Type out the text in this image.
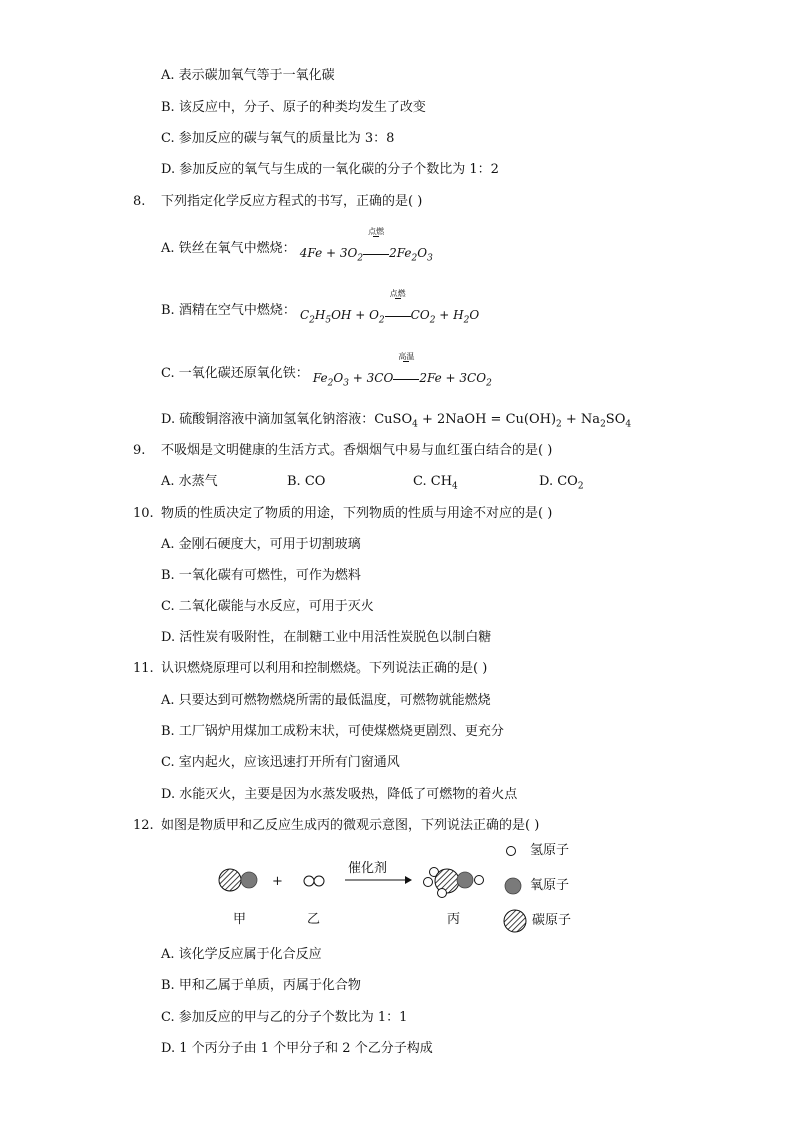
A. 表示碳加氧气等于一氧化碳
B. 该反应中，分子、原子的种类均发生了改变
C. 参加反应的碳与氧气的质量比为 3：8
D. 参加反应的氧气与生成的一氧化碳的分子个数比为 1：2
8. 下列指定化学反应方程式的书写，正确的是( )
A. 铁丝在氧气中燃烧： $4Fe + 3O_2$
点燃
$2Fe_2O_3$
B. 酒精在空气中燃烧： $C_2H_5OH + O_2$
点燃
$CO_2 + H_2O$
C. 一氧化碳还原氧化铁： $Fe_2O_3 + 3CO$
高温
$2Fe + 3CO_2$
D. 硫酸铜溶液中滴加氢氧化钠溶液：CuSO$_4$ + 2NaOH = $Cu(OH)_2 + Na_2SO_4$
9. 不吸烟是文明健康的生活方式。香烟烟气中易与血红蛋白结合的是( )
A. 水蒸气	B. CO	C. $CH_4$	D. $CO_2$
10. 物质的性质决定了物质的用途，下列物质的性质与用途不对应的是( )
A. 金刚石硬度大，可用于切割玻璃
B. 一氧化碳有可燃性，可作为燃料
C. 二氧化碳能与水反应，可用于灭火
D. 活性炭有吸附性，在制糖工业中用活性炭脱色以制白糖
11. 认识燃烧原理可以利用和控制燃烧。下列说法正确的是( )
A. 只要达到可燃物燃烧所需的最低温度，可燃物就能燃烧
B. 工厂锅炉用煤加工成粉末状，可使煤燃烧更剧烈、更充分
C. 室内起火，应该迅速打开所有门窗通风
D. 水能灭火，主要是因为水蒸发吸热，降低了可燃物的着火点
12. 如图是物质甲和乙反应生成丙的微观示意图，下列说法正确的是( )
+
催化剂
甲	乙	丙
氢原子
氧原子
碳原子
A. 该化学反应属于化合反应
B. 甲和乙属于单质，丙属于化合物
C. 参加反应的甲与乙的分子个数比为 1：1
D. 1 个丙分子由 1 个甲分子和 2 个乙分子构成
